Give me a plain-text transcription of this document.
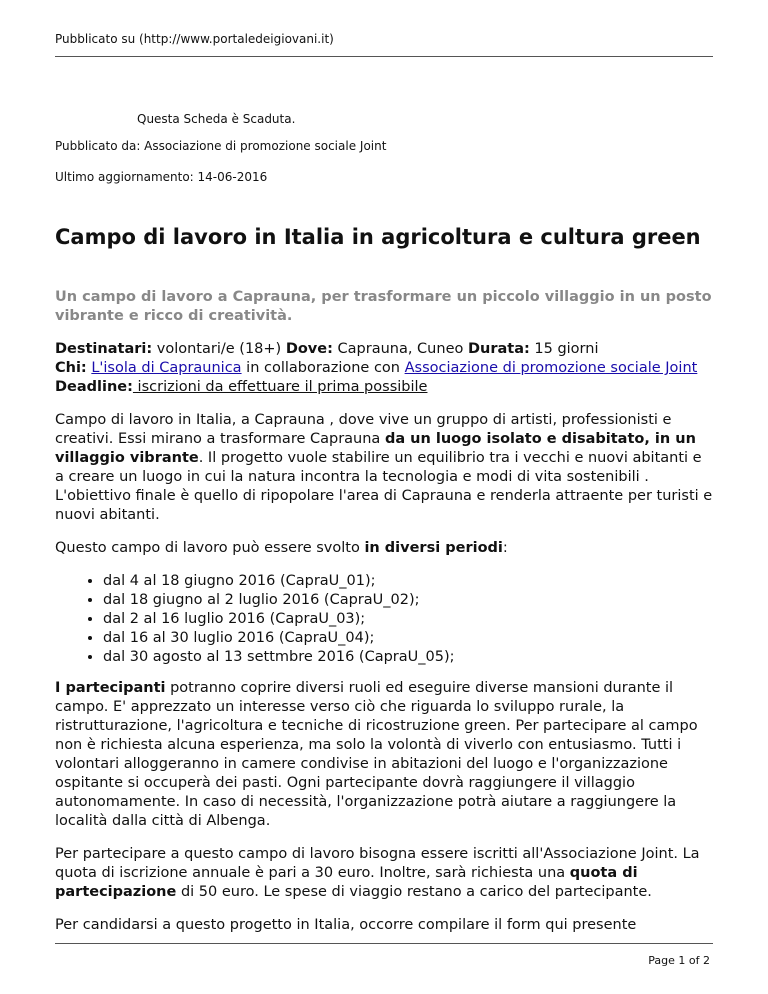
Pubblicato su (http://www.portaledeigiovani.it)
Questa Scheda è Scaduta.
Pubblicato da: Associazione di promozione sociale Joint
Ultimo aggiornamento: 14-06-2016
Campo di lavoro in Italia in agricoltura e cultura green

Un campo di lavoro a Caprauna, per trasformare un piccolo villaggio in un posto vibrante e ricco di creatività.

Destinatari: volontari/e (18+) Dove: Caprauna, Cuneo Durata: 15 giorni
Chi: L'isola di Capraunica in collaborazione con Associazione di promozione sociale Joint Deadline: iscrizioni da effettuare il prima possibile

Campo di lavoro in Italia, a Caprauna , dove vive un gruppo di artisti, professionisti e creativi. Essi mirano a trasformare Caprauna da un luogo isolato e disabitato, in un villaggio vibrante. Il progetto vuole stabilire un equilibrio tra i vecchi e nuovi abitanti e a creare un luogo in cui la natura incontra la tecnologia e modi di vita sostenibili . L'obiettivo finale è quello di ripopolare l'area di Caprauna e renderla attraente per turisti e nuovi abitanti.

Questo campo di lavoro può essere svolto in diversi periodi:

• dal 4 al 18 giugno 2016 (CapraU_01);
• dal 18 giugno al 2 luglio 2016 (CapraU_02);
• dal 2 al 16 luglio 2016 (CapraU_03);
• dal 16 al 30 luglio 2016 (CapraU_04);
• dal 30 agosto al 13 settmbre 2016 (CapraU_05);

I partecipanti potranno coprire diversi ruoli ed eseguire diverse mansioni durante il campo. E' apprezzato un interesse verso ciò che riguarda lo sviluppo rurale, la ristrutturazione, l'agricoltura e tecniche di ricostruzione green. Per partecipare al campo non è richiesta alcuna esperienza, ma solo la volontà di viverlo con entusiasmo. Tutti i volontari alloggeranno in camere condivise in abitazioni del luogo e l'organizzazione ospitante si occuperà dei pasti. Ogni partecipante dovrà raggiungere il villaggio autonomamente. In caso di necessità, l'organizzazione potrà aiutare a raggiungere la località dalla città di Albenga.

Per partecipare a questo campo di lavoro bisogna essere iscritti all'Associazione Joint. La quota di iscrizione annuale è pari a 30 euro. Inoltre, sarà richiesta una quota di partecipazione di 50 euro. Le spese di viaggio restano a carico del partecipante.

Per candidarsi a questo progetto in Italia, occorre compilare il form qui presente

Page 1 of 2
